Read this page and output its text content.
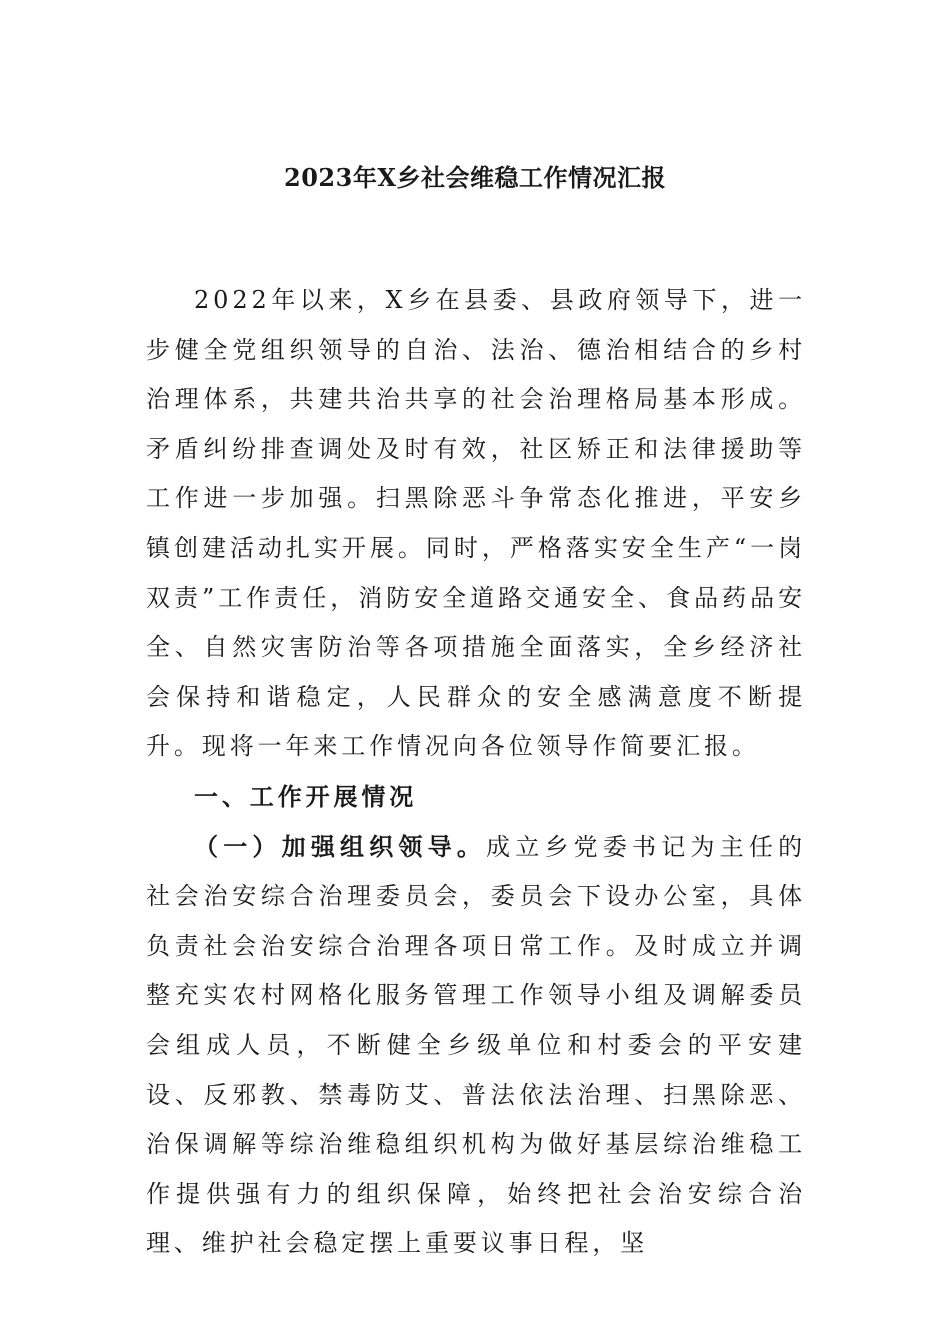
2023年X乡社会维稳工作情况汇报

2022年以来，X乡在县委、县政府领导下，进一步健全党组织领导的自治、法治、德治相结合的乡村治理体系，共建共治共享的社会治理格局基本形成。矛盾纠纷排查调处及时有效，社区矫正和法律援助等工作进一步加强。扫黑除恶斗争常态化推进，平安乡镇创建活动扎实开展。同时，严格落实安全生产“一岗双责”工作责任，消防安全道路交通安全、食品药品安全、自然灾害防治等各项措施全面落实，全乡经济社会保持和谐稳定，人民群众的安全感满意度不断提升。现将一年来工作情况向各位领导作简要汇报。

一、工作开展情况

（一）加强组织领导。成立乡党委书记为主任的社会治安综合治理委员会，委员会下设办公室，具体负责社会治安综合治理各项日常工作。及时成立并调整充实农村网格化服务管理工作领导小组及调解委员会组成人员，不断健全乡级单位和村委会的平安建设、反邪教、禁毒防艾、普法依法治理、扫黑除恶、治保调解等综治维稳组织机构为做好基层综治维稳工作提供强有力的组织保障，始终把社会治安综合治理、维护社会稳定摆上重要议事日程，坚
